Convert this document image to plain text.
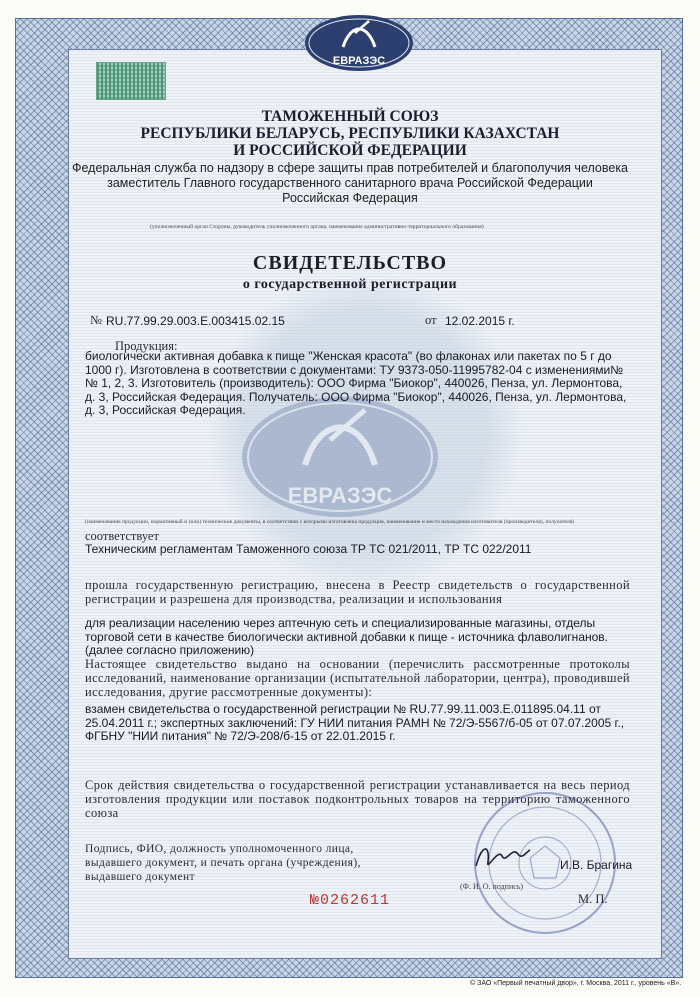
ЕВРАЗЭС
ЕВРАЗЭС
ТАМОЖЕННЫЙ СОЮЗ
РЕСПУБЛИКИ БЕЛАРУСЬ, РЕСПУБЛИКИ КАЗАХСТАН
И РОССИЙСКОЙ ФЕДЕРАЦИИ
Федеральная служба по надзору в сфере защиты прав потребителей и благополучия человека
заместитель Главного государственного санитарного врача Российской Федерации
Российская Федерация
(уполномоченный орган Стороны, руководитель уполномоченного органа, наименование административно-территориального образования)
СВИДЕТЕЛЬСТВО
о государственной регистрации
№ RU.77.99.29.003.E.003415.02.15	от 12.02.2015 г.
Продукция:
биологически активная добавка к пище "Женская красота" (во флаконах или пакетах по 5 г до 1000 г). Изготовлена в соответствии с документами: ТУ 9373-050-11995782-04 с изменениями№№ 1, 2, 3. Изготовитель (производитель): ООО Фирма "Биокор", 440026, Пенза, ул. Лермонтова, д. 3, Российская Федерация. Получатель: ООО Фирма "Биокор", 440026, Пенза, ул. Лермонтова, д. 3, Российская Федерация.
(наименование продукции, нормативный и (или) технические документы, в соответствии с которыми изготовлена продукция, наименование и место нахождения изготовителя (производителя), получателя)
соответствует
Техническим регламентам Таможенного союза ТР ТС 021/2011, ТР ТС 022/2011
прошла государственную регистрацию, внесена в Реестр свидетельств о государственной регистрации и разрешена для производства, реализации и использования
для реализации населению через аптечную сеть и специализированные магазины, отделы торговой сети в качестве биологически активной добавки к пище - источника флаволигнанов. (далее согласно приложению)
Настоящее свидетельство выдано на основании (перечислить рассмотренные протоколы исследований, наименование организации (испытательной лаборатории, центра), проводившей исследования, другие рассмотренные документы):
взамен свидетельства о государственной регистрации № RU.77.99.11.003.E.011895.04.11 от 25.04.2011 г.; экспертных заключений: ГУ НИИ питания РАМН № 72/Э-5567/б-05 от 07.07.2005 г., ФГБНУ "НИИ питания" № 72/Э-208/б-15 от 22.01.2015 г.
Срок действия свидетельства о государственной регистрации устанавливается на весь период изготовления продукции или поставок подконтрольных товаров на территорию таможенного союза
Подпись, ФИО, должность уполномоченного лица, выдавшего документ, и печать органа (учреждения), выдавшего документ
И.В. Брагина
(Ф. И. О. подпись)
М. П.
№0262611
© ЗАО «Первый печатный двор», г. Москва, 2011 г., уровень «В».
